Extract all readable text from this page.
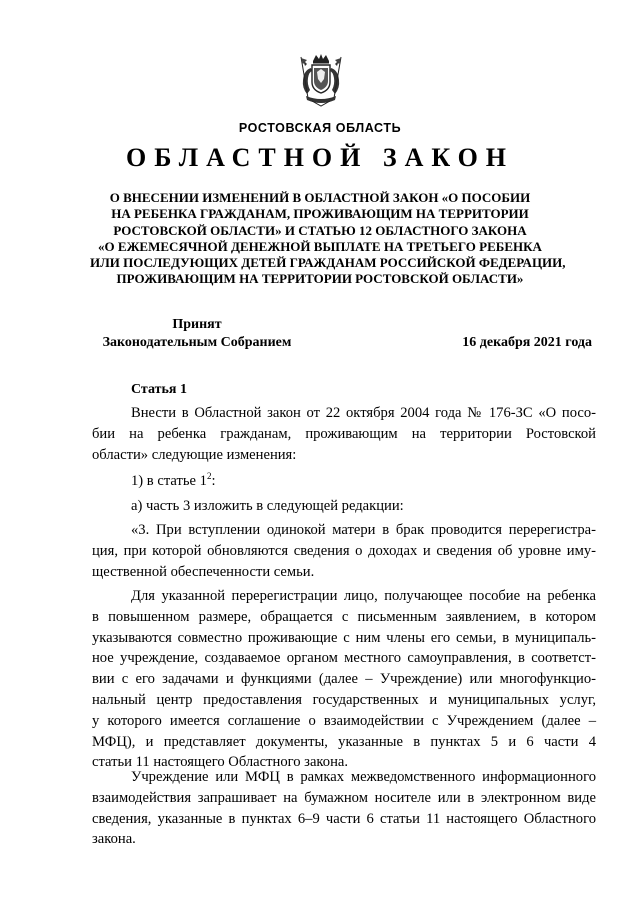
РОСТОВСКАЯ ОБЛАСТЬ
ОБЛАСТНОЙ ЗАКОН
О ВНЕСЕНИИ ИЗМЕНЕНИЙ В ОБЛАСТНОЙ ЗАКОН «О ПОСОБИИ
НА РЕБЕНКА ГРАЖДАНАМ, ПРОЖИВАЮЩИМ НА ТЕРРИТОРИИ
РОСТОВСКОЙ ОБЛАСТИ» И СТАТЬЮ 12 ОБЛАСТНОГО ЗАКОНА
«О ЕЖЕМЕСЯЧНОЙ ДЕНЕЖНОЙ ВЫПЛАТЕ НА ТРЕТЬЕГО РЕБЕНКА
ИЛИ ПОСЛЕДУЮЩИХ ДЕТЕЙ ГРАЖДАНАМ РОССИЙСКОЙ ФЕДЕРАЦИИ,
ПРОЖИВАЮЩИМ НА ТЕРРИТОРИИ РОСТОВСКОЙ ОБЛАСТИ»
Принят
Законодательным Собранием	16 декабря 2021 года
Статья 1
Внести в Областной закон от 22 октября 2004 года № 176-ЗС «О посо-
бии на ребенка гражданам, проживающим на территории Ростовской
области» следующие изменения:
1) в статье $1^2$:
а) часть 3 изложить в следующей редакции:
«3. При вступлении одинокой матери в брак проводится перерегистра-
ция, при которой обновляются сведения о доходах и сведения об уровне иму-
щественной обеспеченности семьи.
Для указанной перерегистрации лицо, получающее пособие на ребенка
в повышенном размере, обращается с письменным заявлением, в котором
указываются совместно проживающие с ним члены его семьи, в муниципаль-
ное учреждение, создаваемое органом местного самоуправления, в соответст-
вии с его задачами и функциями (далее – Учреждение) или многофункцио-
нальный центр предоставления государственных и муниципальных услуг,
у которого имеется соглашение о взаимодействии с Учреждением (далее –
МФЦ), и представляет документы, указанные в пунктах 5 и 6 части 4
статьи 11 настоящего Областного закона.
Учреждение или МФЦ в рамках межведомственного информационного
взаимодействия запрашивает на бумажном носителе или в электронном виде
сведения, указанные в пунктах 6–9 части 6 статьи 11 настоящего Областного
закона.
